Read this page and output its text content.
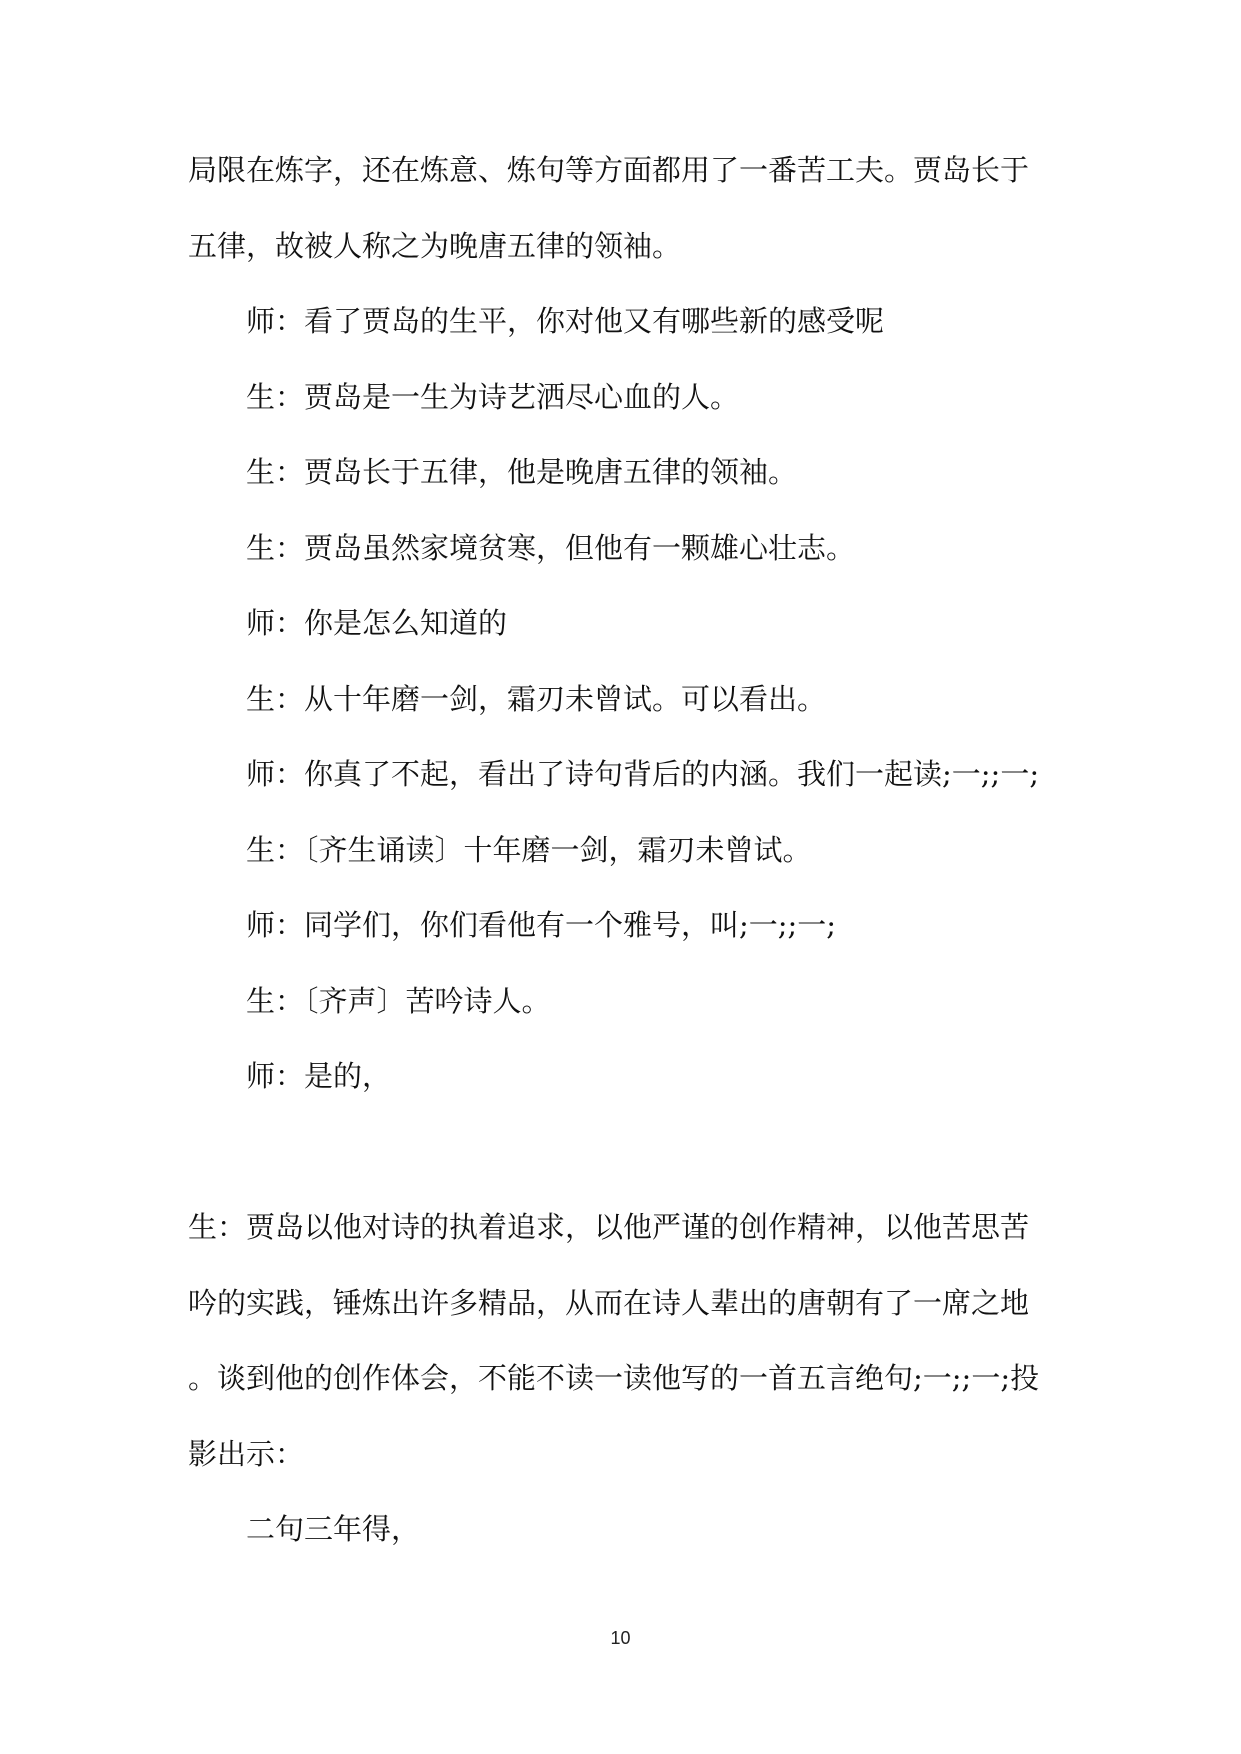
局限在炼字，还在炼意、炼句等方面都用了一番苦工夫。贾岛长于
五律，故被人称之为晚唐五律的领袖。
师：看了贾岛的生平，你对他又有哪些新的感受呢
生：贾岛是一生为诗艺洒尽心血的人。
生：贾岛长于五律，他是晚唐五律的领袖。
生：贾岛虽然家境贫寒，但他有一颗雄心壮志。
师：你是怎么知道的
生：从十年磨一剑，霜刃未曾试。可以看出。
师：你真了不起，看出了诗句背后的内涵。我们一起读;一;;一;
生：〔齐生诵读〕十年磨一剑，霜刃未曾试。
师：同学们，你们看他有一个雅号，叫;一;;一;
生：〔齐声〕苦吟诗人。
师：是的，
生：贾岛以他对诗的执着追求，以他严谨的创作精神，以他苦思苦
吟的实践，锤炼出许多精品，从而在诗人辈出的唐朝有了一席之地
。谈到他的创作体会，不能不读一读他写的一首五言绝句;一;;一;投
影出示：
二句三年得，
10
